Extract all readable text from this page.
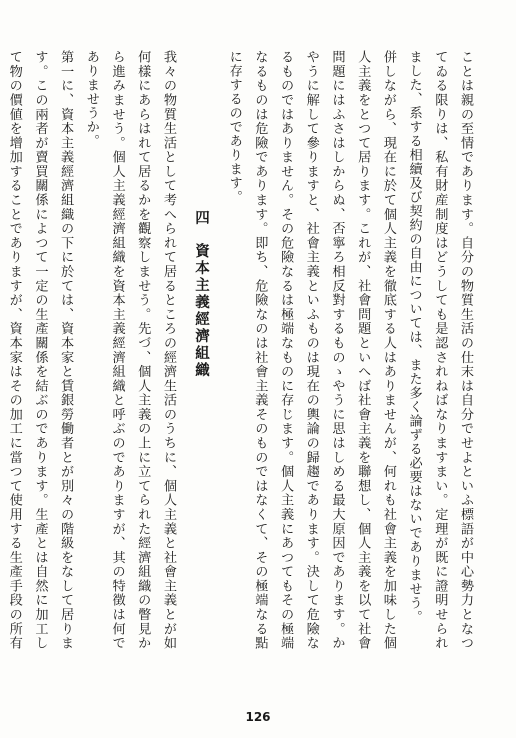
ことは親の至情であります。自分の物質生活の仕末は自分でせよといふ標語が中心勢力となつてゐる限りは、私有財産制度はどうしても是認されねばなりますまい。定理が既に證明せられました、系する相續及び契約の自由については、また多く論ずる必要はないでありませう。

併しながら、現在に於て個人主義を徹底する人はありませんが、何れも社會主義を加味した個人主義をとつて居ります。これが、社會問題といへば社會主義を聯想し、個人主義を以て社會問題にはふさはしからぬ、否寧ろ相反對するものゝやうに思はしめる最大原因であります。かやうに解して參りますと、社會主義といふものは現在の輿論の歸趨であります。決して危險なるものではありません。その危險なるは極端なものに存じます。個人主義にあつてもその極端なるものは危險であります。即ち、危險なのは社會主義そのものではなくて、その極端なる點に存するのであります。

四資本主義經濟組織

我々の物質生活として考へられて居るところの經濟生活のうちに、個人主義と社會主義とが如何樣にあらはれて居るかを觀察しませう。先づ、個人主義の上に立てられた經濟組織の瞥見から進みませう。個人主義經濟組織を資本主義經濟組織と呼ぶのでありますが、其の特徴は何でありませうか。

第一に、資本主義經濟組織の下に於ては、資本家と賃銀勞働者とが別々の階級をなして居ります。この兩者が賣買關係によつて一定の生產關係を結ぶのであります。生產とは自然に加工して物の價値を增加することでありますが、資本家はその加工に當つて使用する生產手段の所有

126
